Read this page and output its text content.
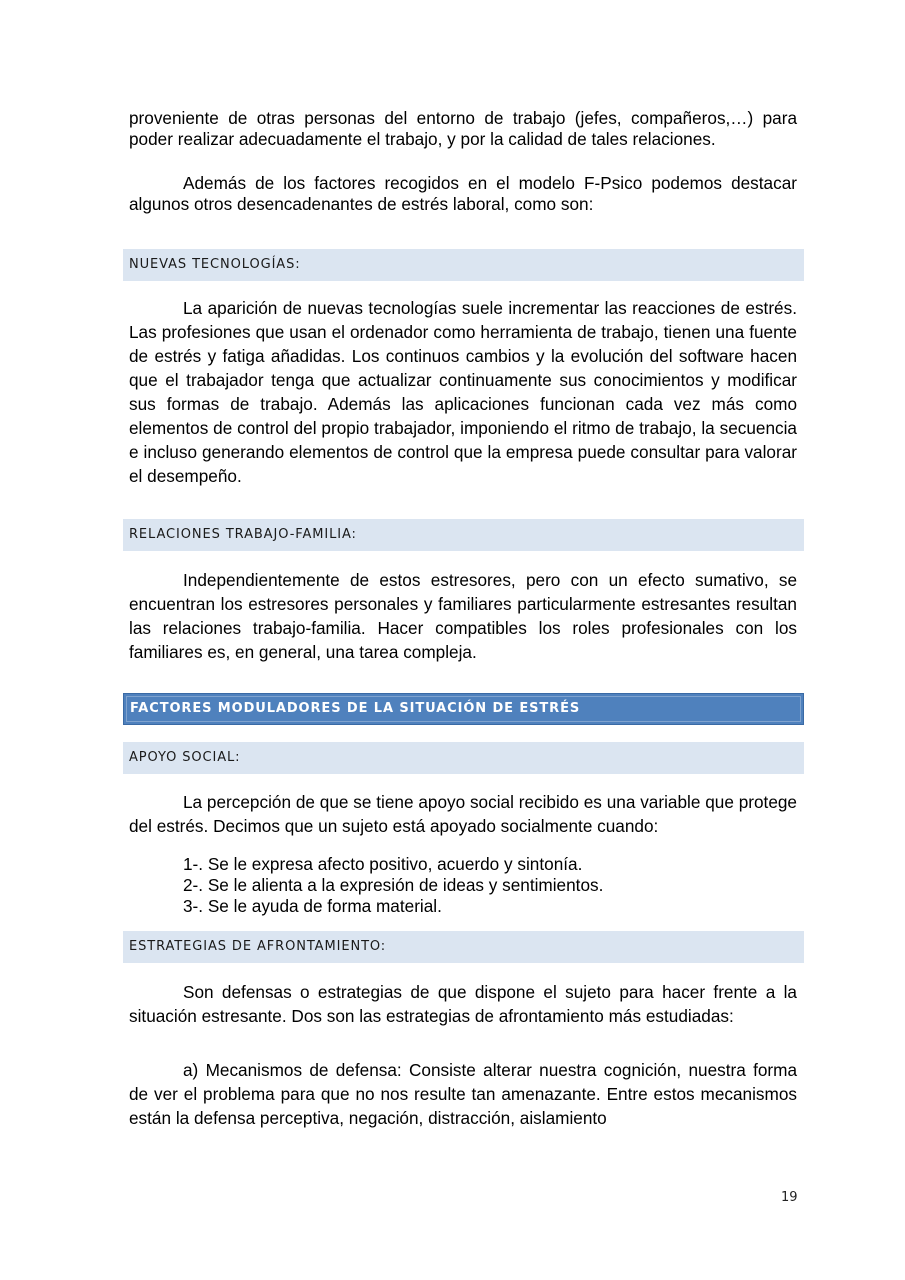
proveniente de otras personas del entorno de trabajo (jefes, compañeros,…) para poder realizar adecuadamente el trabajo, y por la calidad de tales relaciones.
Además de los factores recogidos en el modelo F-Psico podemos destacar algunos otros desencadenantes de estrés laboral, como son:
NUEVAS TECNOLOGÍAS:
La aparición de nuevas tecnologías suele incrementar las reacciones de estrés. Las profesiones que usan el ordenador como herramienta de trabajo, tienen una fuente de estrés y fatiga añadidas. Los continuos cambios y la evolución del software hacen que el trabajador tenga que actualizar continuamente sus conocimientos y modificar sus formas de trabajo. Además las aplicaciones funcionan cada vez más como elementos de control del propio trabajador, imponiendo el ritmo de trabajo, la secuencia e incluso generando elementos de control que la empresa puede consultar para valorar el desempeño.
RELACIONES TRABAJO-FAMILIA:
Independientemente de estos estresores, pero con un efecto sumativo, se encuentran los estresores personales y familiares particularmente estresantes resultan las relaciones trabajo-familia. Hacer compatibles los roles profesionales con los familiares es, en general, una tarea compleja.
FACTORES MODULADORES DE LA SITUACIÓN DE ESTRÉS
APOYO SOCIAL:
La percepción de que se tiene apoyo social recibido es una variable que protege del estrés. Decimos que un sujeto está apoyado socialmente cuando:
1-. Se le expresa afecto positivo, acuerdo y sintonía.
2-. Se le alienta a la expresión de ideas y sentimientos.
3-. Se le ayuda de forma material.
ESTRATEGIAS DE AFRONTAMIENTO:
Son defensas o estrategias de que dispone el sujeto para hacer frente a la situación estresante. Dos son las estrategias de afrontamiento más estudiadas:
a) Mecanismos de defensa: Consiste alterar nuestra cognición, nuestra forma de ver el problema para que no nos resulte tan amenazante. Entre estos mecanismos están la defensa perceptiva, negación, distracción, aislamiento
19
